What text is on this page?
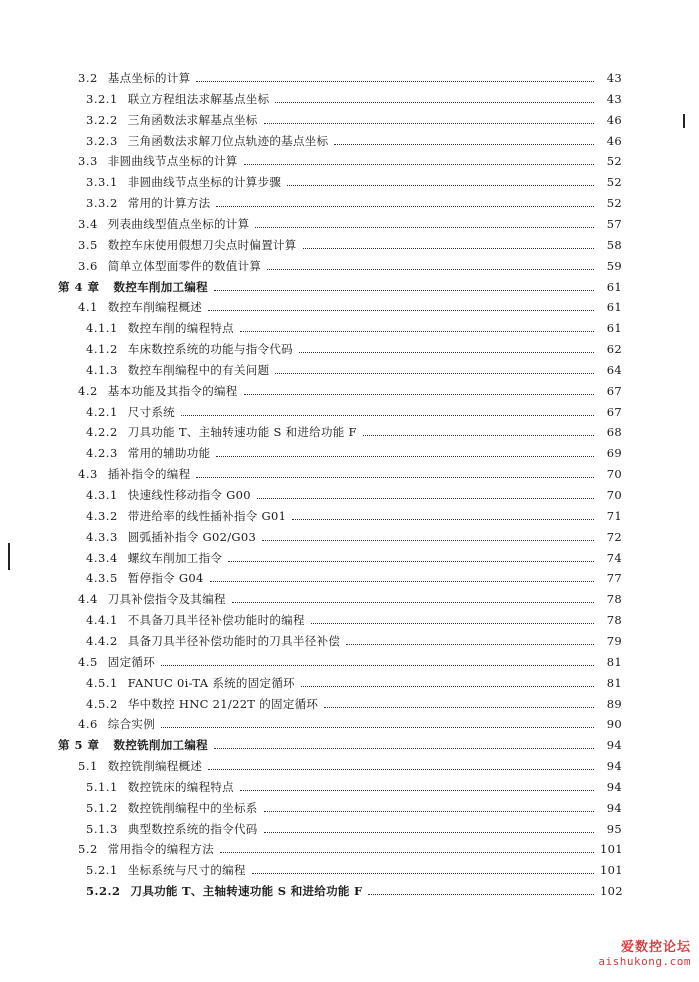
3.2 基点坐标的计算	43
3.2.1 联立方程组法求解基点坐标	43
3.2.2 三角函数法求解基点坐标	46
3.2.3 三角函数法求解刀位点轨迹的基点坐标	46
3.3 非圆曲线节点坐标的计算	52
3.3.1 非圆曲线节点坐标的计算步骤	52
3.3.2 常用的计算方法	52
3.4 列表曲线型值点坐标的计算	57
3.5 数控车床使用假想刀尖点时偏置计算	58
3.6 简单立体型面零件的数值计算	59
第 4 章 数控车削加工编程	61
4.1 数控车削编程概述	61
4.1.1 数控车削的编程特点	61
4.1.2 车床数控系统的功能与指令代码	62
4.1.3 数控车削编程中的有关问题	64
4.2 基本功能及其指令的编程	67
4.2.1 尺寸系统	67
4.2.2 刀具功能 T、主轴转速功能 S 和进给功能 F	68
4.2.3 常用的辅助功能	69
4.3 插补指令的编程	70
4.3.1 快速线性移动指令 G00	70
4.3.2 带进给率的线性插补指令 G01	71
4.3.3 圆弧插补指令 G02/G03	72
4.3.4 螺纹车削加工指令	74
4.3.5 暂停指令 G04	77
4.4 刀具补偿指令及其编程	78
4.4.1 不具备刀具半径补偿功能时的编程	78
4.4.2 具备刀具半径补偿功能时的刀具半径补偿	79
4.5 固定循环	81
4.5.1 FANUC 0i-TA 系统的固定循环	81
4.5.2 华中数控 HNC 21/22T 的固定循环	89
4.6 综合实例	90
第 5 章 数控铣削加工编程	94
5.1 数控铣削编程概述	94
5.1.1 数控铣床的编程特点	94
5.1.2 数控铣削编程中的坐标系	94
5.1.3 典型数控系统的指令代码	95
5.2 常用指令的编程方法	101
5.2.1 坐标系统与尺寸的编程	101
5.2.2 刀具功能 T、主轴转速功能 S 和进给功能 F	102
爱数控论坛
aishukong.com
